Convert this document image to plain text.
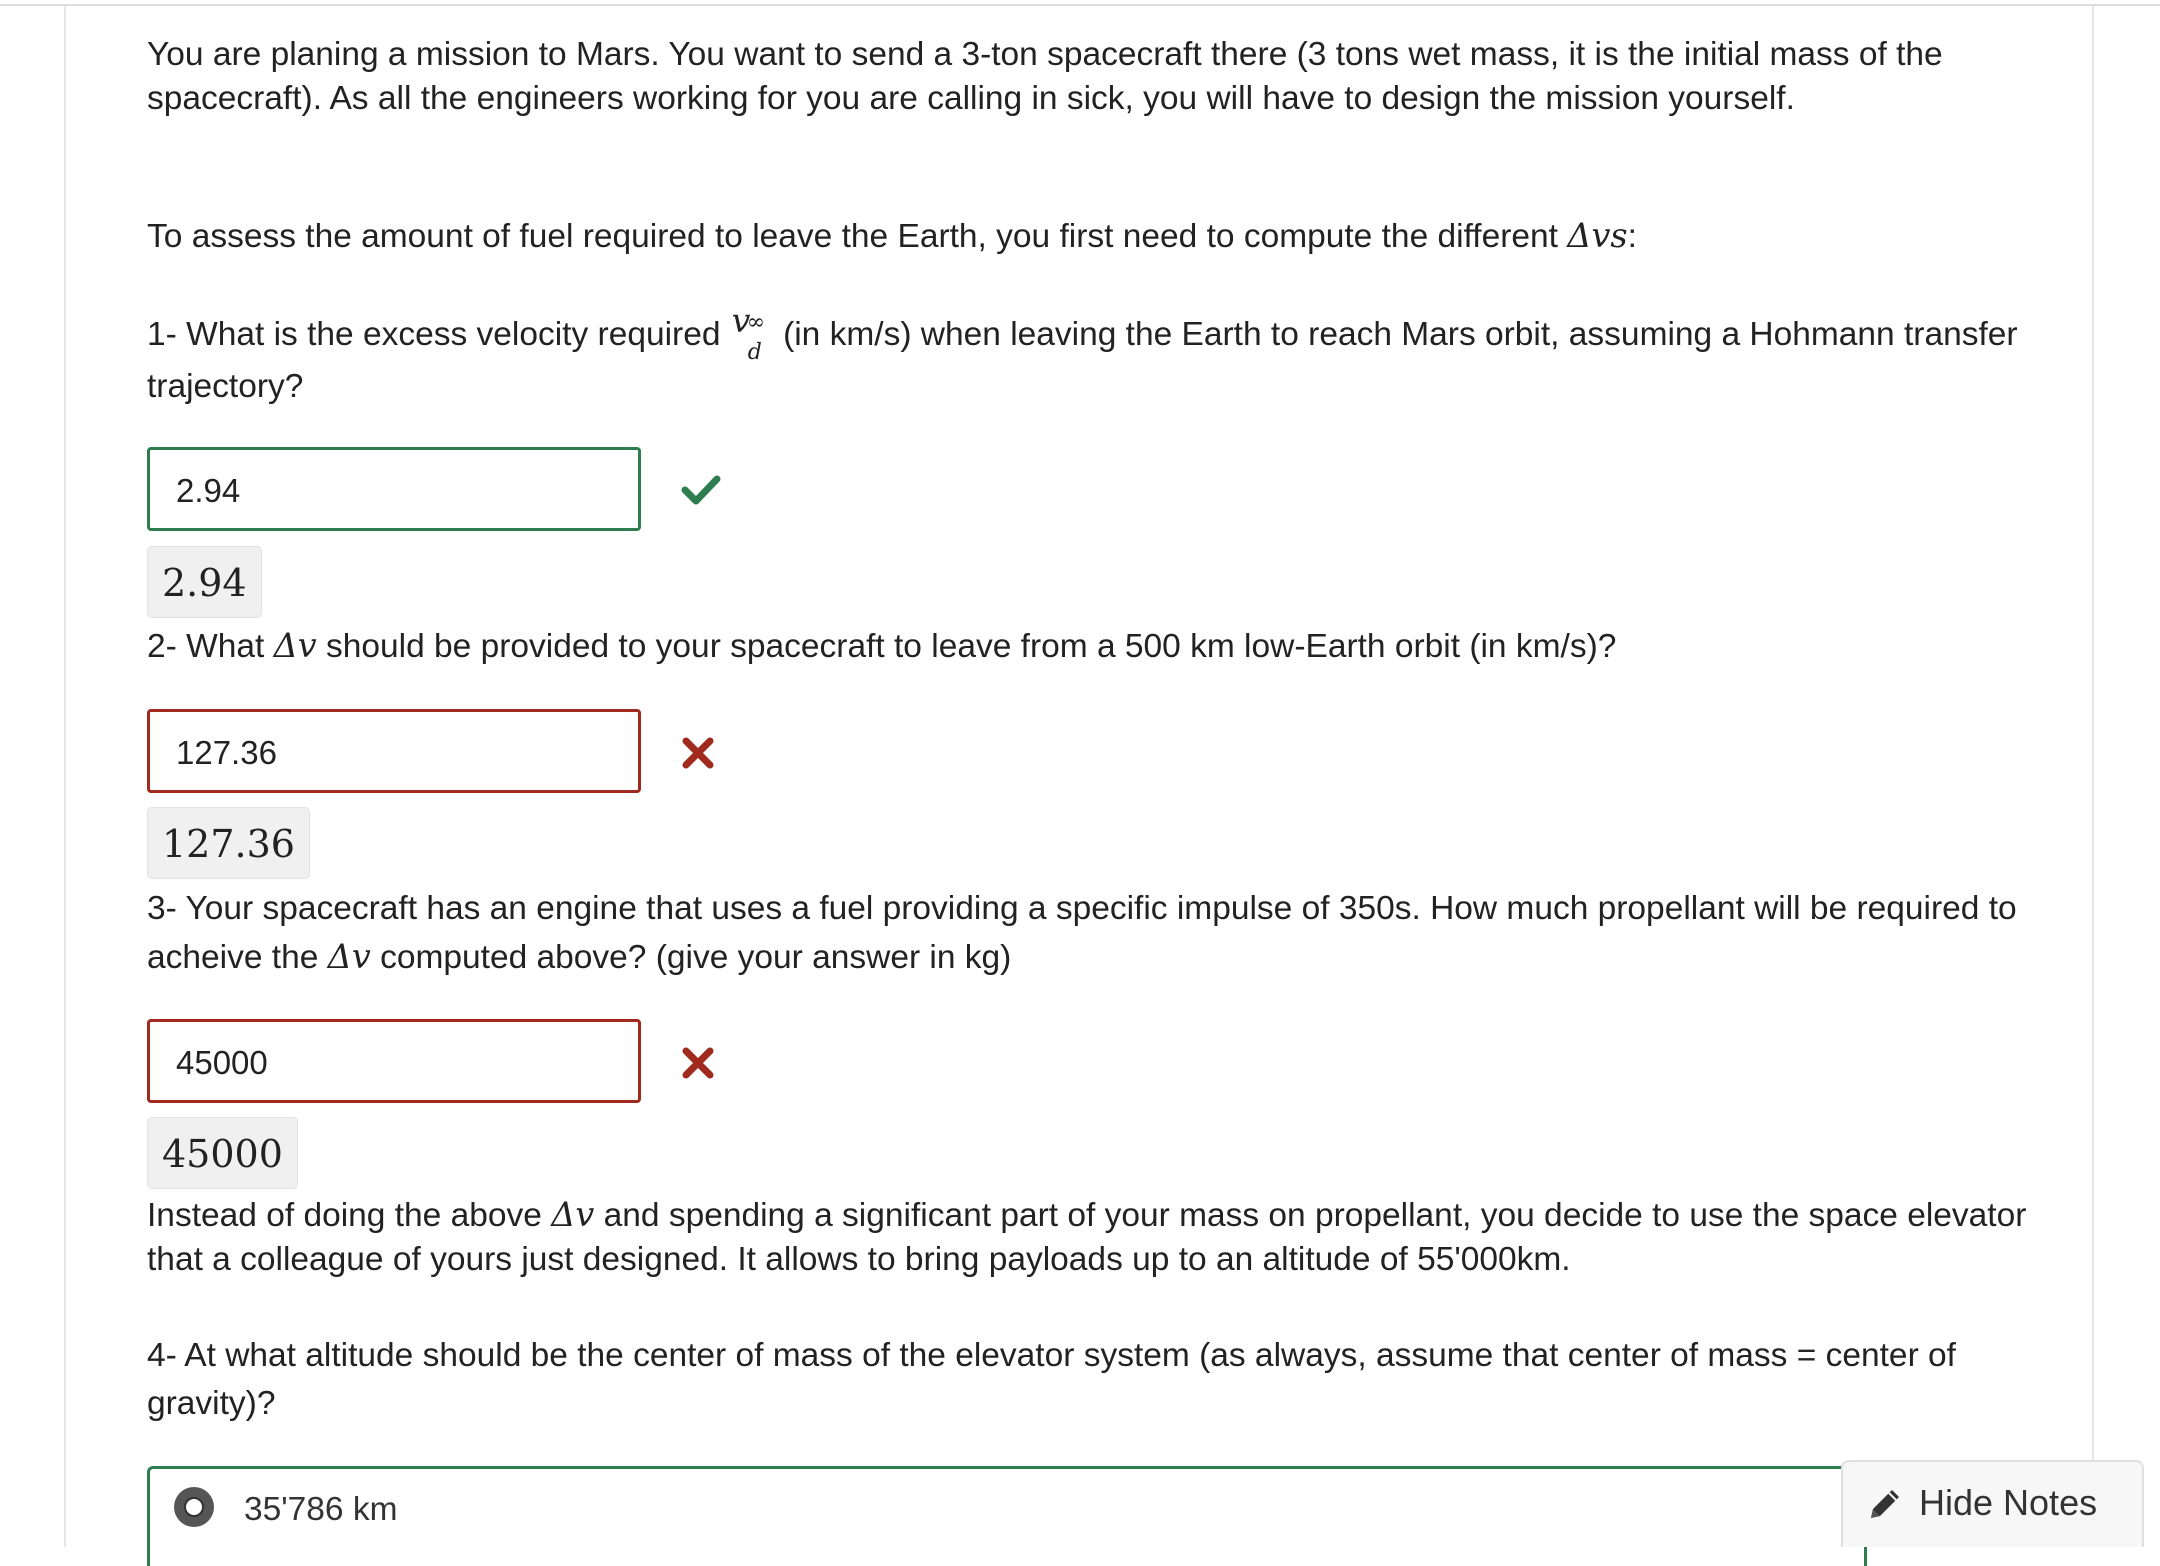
You are planing a mission to Mars. You want to send a 3-ton spacecraft there (3 tons wet mass, it is the initial mass of the spacecraft). As all the engineers working for you are calling in sick, you will have to design the mission yourself.

To assess the amount of fuel required to leave the Earth, you first need to compute the different Δvs:

1- What is the excess velocity required v
∞
d (in km/s) when leaving the Earth to reach Mars orbit, assuming a Hohmann transfer trajectory?

2.94
2.94

2- What Δv should be provided to your spacecraft to leave from a 500 km low-Earth orbit (in km/s)?

127.36
127.36

3- Your spacecraft has an engine that uses a fuel providing a specific impulse of 350s. How much propellant will be required to acheive the Δv computed above? (give your answer in kg)

45000
45000

Instead of doing the above Δv and spending a significant part of your mass on propellant, you decide to use the space elevator that a colleague of yours just designed. It allows to bring payloads up to an altitude of 55'000km.

4- At what altitude should be the center of mass of the elevator system (as always, assume that center of mass = center of gravity)?

35'786 km	Hide Notes
